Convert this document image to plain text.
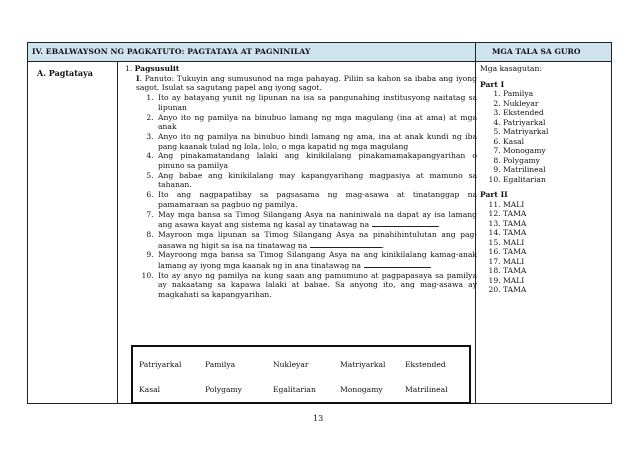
IV. EBALWAYSON NG PAGKATUTO: PAGTATAYA AT PAGNINILAY	MGA TALA SA GURO
A. Pagtataya	1. Pagsusulit

I. Panuto: Tukuyin ang sumusunod na mga pahayag. Piliin sa kahon sa ibaba ang iyong sagot. Isulat sa sagutang papel ang iyong sagot.

1. Ito ay batayang yunit ng lipunan na isa sa pangunahing institusyong naitatag sa lipunan
2. Anyo ito ng pamilya na binubuo lamang ng mga magulang (ina at ama) at mga anak
3. Anyo ito ng pamilya na binubuo hindi lamang ng ama, ina at anak kundi ng iba pang kaanak tulad ng lola, lolo, o mga kapatid ng mga magulang
4. Ang pinakamatandang lalaki ang kinikilalang pinakamamakapangyarihan o pinuno sa pamilya
5. Ang babae ang kinikilalang may kapangyarihang magpasiya at mamuno sa tahanan.
6. Ito ang nagpapatibay sa pagsasama ng mag-asawa at tinatanggap na pamamaraan sa pagbuo ng pamilya.
7. May mga bansa sa Timog Silangang Asya na naniniwala na dapat ay isa lamang ang asawa kayat ang sistema ng kasal ay tinatawag na	.
8. Mayroon mga lipunan sa Timog Silangang Asya na pinahihintulutan ang pag-aasawa ng higit sa isa na tinatawag na	.
9. Mayroong mga bansa sa Timog Silangang Asya na ang kinikilalang kamag-anak lamang ay iyong mga kaanak ng in ana tinatawag na	.
10. Ito ay anyo ng pamilya na kung saan ang pamumuno at pagpapasaya sa pamilya ay nakaatang sa kapawa lalaki at babae. Sa anyong ito, ang mag-asawa ay magkahati sa kapangyarihan.
Patriyarkal	Pamilya	Nukleyar	Matriyarkal	Ekstended
Kasal	Polygamy	Egalitarian	Monogamy	Matrilineal
Mga kasagutan:
Part I
1. Pamilya
2. Nukleyar
3. Ekstended
4. Patriyarkal
5. Matriyarkal
6. Kasal
7. Monogamy
8. Polygamy
9. Matrilineal
10. Egalitarian
Part II
11. MALI
12. TAMA
13. TAMA
14. TAMA
15. MALI
16. TAMA
17. MALI
18. TAMA
19. MALI
20. TAMA
13
